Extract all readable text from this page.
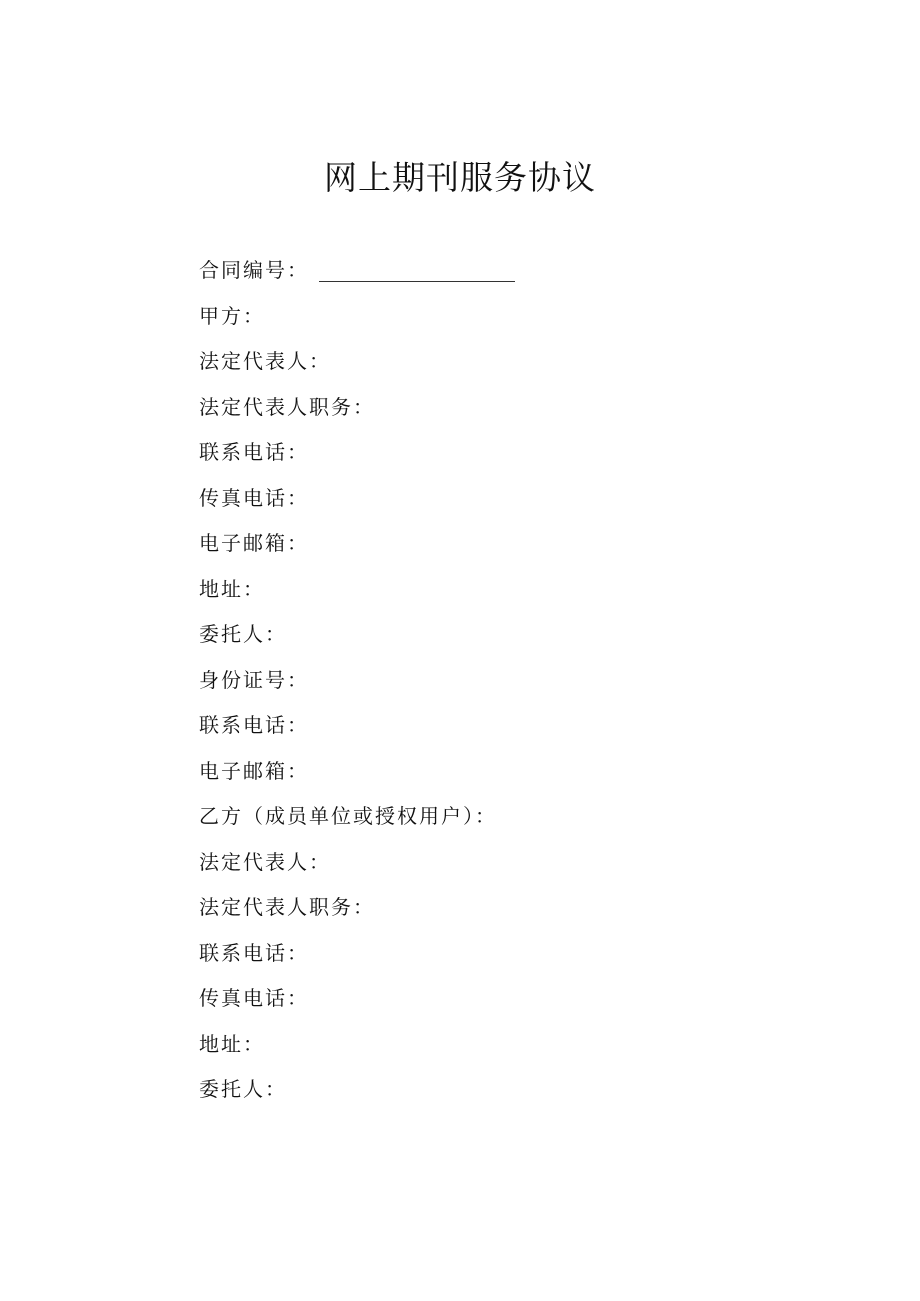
网上期刊服务协议
合同编号：
甲方：
法定代表人：
法定代表人职务：
联系电话：
传真电话：
电子邮箱：
地址：
委托人：
身份证号：
联系电话：
电子邮箱：
乙方（成员单位或授权用户）：
法定代表人：
法定代表人职务：
联系电话：
传真电话：
地址：
委托人：
